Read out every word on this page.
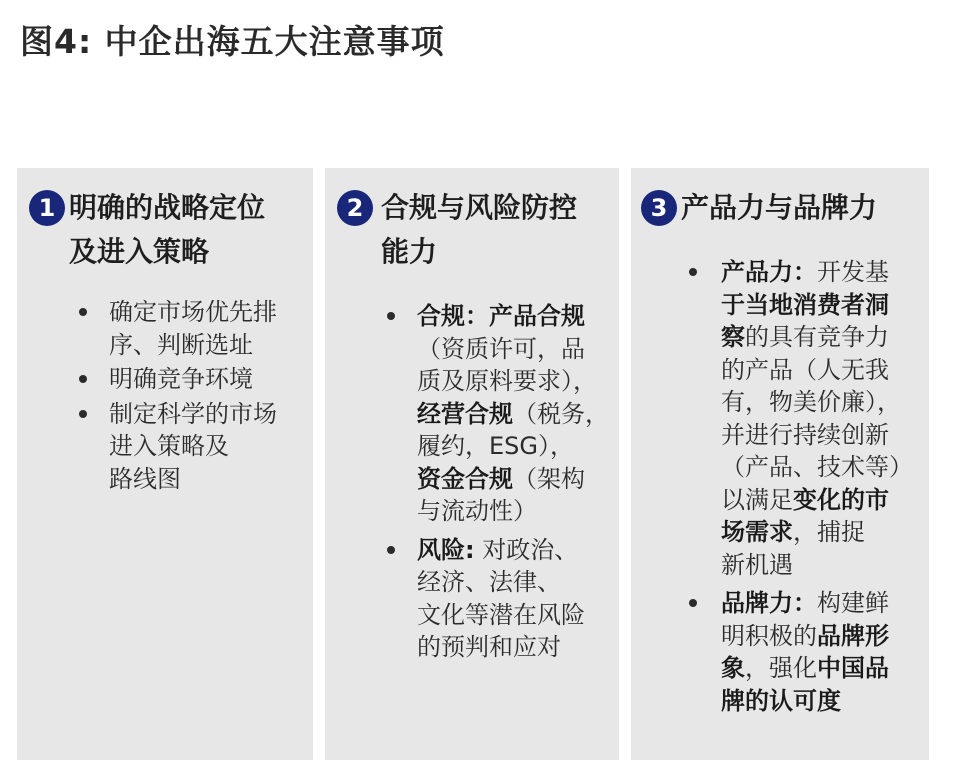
图4: 中企出海五大注意事项
1 明确的战略定位
及进入策略
确定市场优先排
序、判断选址
明确竞争环境
制定科学的市场
进入策略及
路线图
2 合规与风险防控
能力
合规：产品合规
（资质许可，品
质及原料要求），
经营合规（税务，
履约，ESG），
资金合规（架构
与流动性）
风险: 对政治、
经济、法律、
文化等潜在风险
的预判和应对
3 产品力与品牌力
产品力：开发基
于当地消费者洞
察的具有竞争力
的产品（人无我
有，物美价廉），
并进行持续创新
（产品、技术等）
以满足变化的市
场需求，捕捉
新机遇
品牌力：构建鲜
明积极的品牌形
象，强化中国品
牌的认可度
